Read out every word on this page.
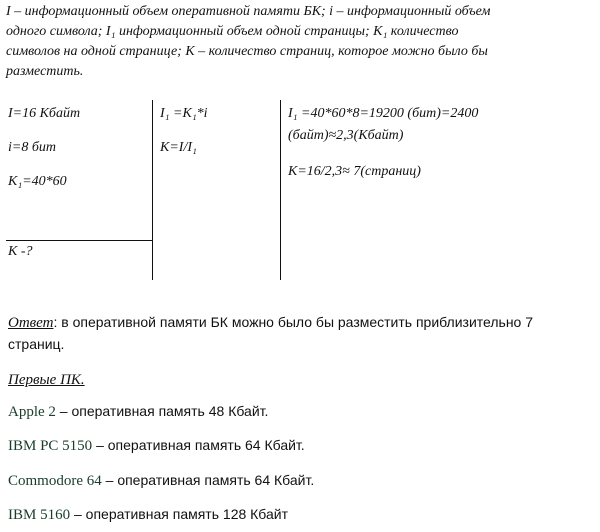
I – информационный объем оперативной памяти БК; i – информационный объем

одного символа; I₁ информационный объем одной страницы; K₁ количество

символов на одной странице; K – количество страниц, которое можно было бы

разместить.

I=16 Кбайт
i=8 бит
K₁=40*60
K -?
I₁ =K₁*i
K=I/I₁
I₁ =40*60*8=19200 (бит)=2400
(байт)≈2,3(Кбайт)
K=16/2,3≈ 7(страниц)
Ответ: в оперативной памяти БК можно было бы разместить приблизительно 7
страниц.
Первые ПК.
Apple 2 – оперативная память 48 Кбайт.
IBM PC 5150 – оперативная память 64 Кбайт.
Commodore 64 – оперативная память 64 Кбайт.
IBM 5160 – оперативная память 128 Кбайт
